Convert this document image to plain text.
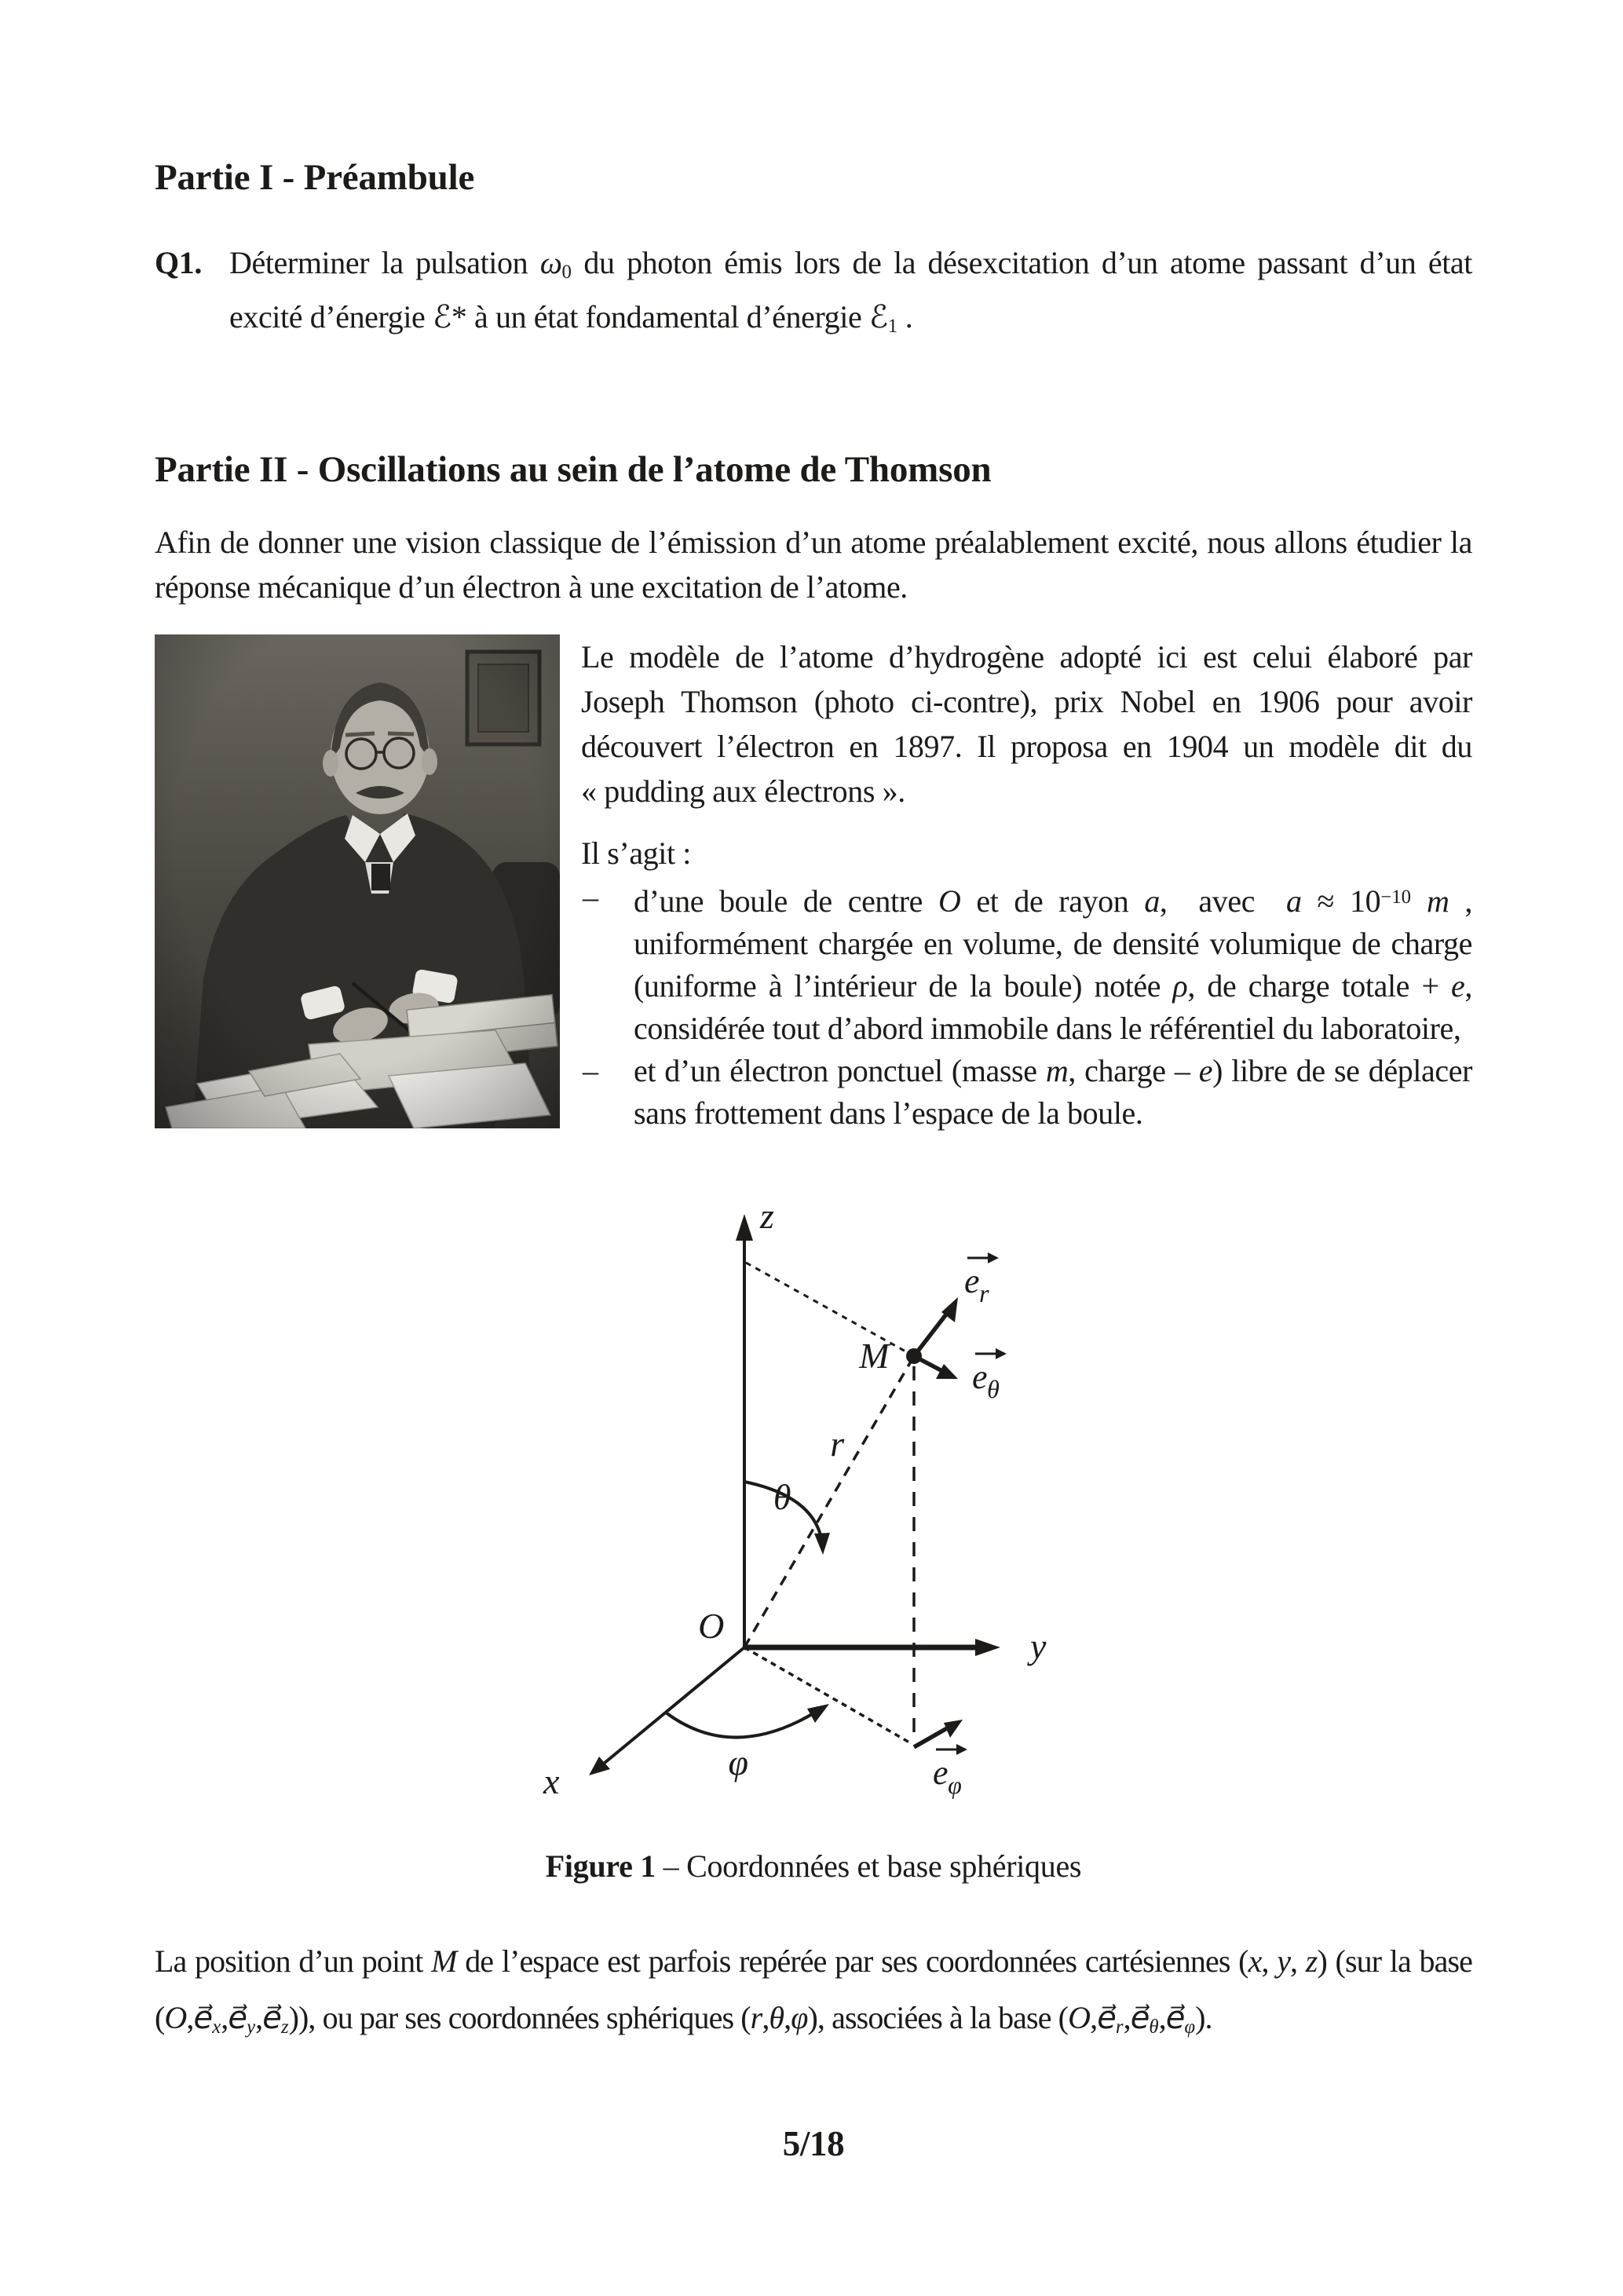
Partie I - Préambule
Q1. Déterminer la pulsation $\omega_0$ du photon émis lors de la désexcitation d’un atome passant d’un état excité d’énergie ℰ* à un état fondamental d’énergie ℰ$_1$ .
Partie II - Oscillations au sein de l’atome de Thomson
Afin de donner une vision classique de l’émission d’un atome préalablement excité, nous allons étudier la réponse mécanique d’un électron à une excitation de l’atome.
Le modèle de l’atome d’hydrogène adopté ici est celui élaboré par Joseph Thomson (photo ci-contre), prix Nobel en 1906 pour avoir découvert l’électron en 1897. Il proposa en 1904 un modèle dit du « pudding aux électrons ».
Il s’agit :
– d’une boule de centre O et de rayon a,  avec  $a \approx 10^{-10}$ m , uniformément chargée en volume, de densité volumique de charge (uniforme à l’intérieur de la boule) notée ρ, de charge totale + e, considérée tout d’abord immobile dans le référentiel du laboratoire,
– et d’un électron ponctuel (masse m, charge – e) libre de se déplacer sans frottement dans l’espace de la boule.
z
y
x
O
M
r
θ
φ
$e_r$
$e_\theta$
$e_\varphi$
Figure 1 – Coordonnées et base sphériques
La position d’un point M de l’espace est parfois repérée par ses coordonnées cartésiennes (x, y, z) (sur la base $(O,e⃗_x,e⃗_y,e⃗_z)$), ou par ses coordonnées sphériques (r,θ,φ), associées à la base $(O,e⃗_r,e⃗_\theta,e⃗_\varphi)$.
5/18
